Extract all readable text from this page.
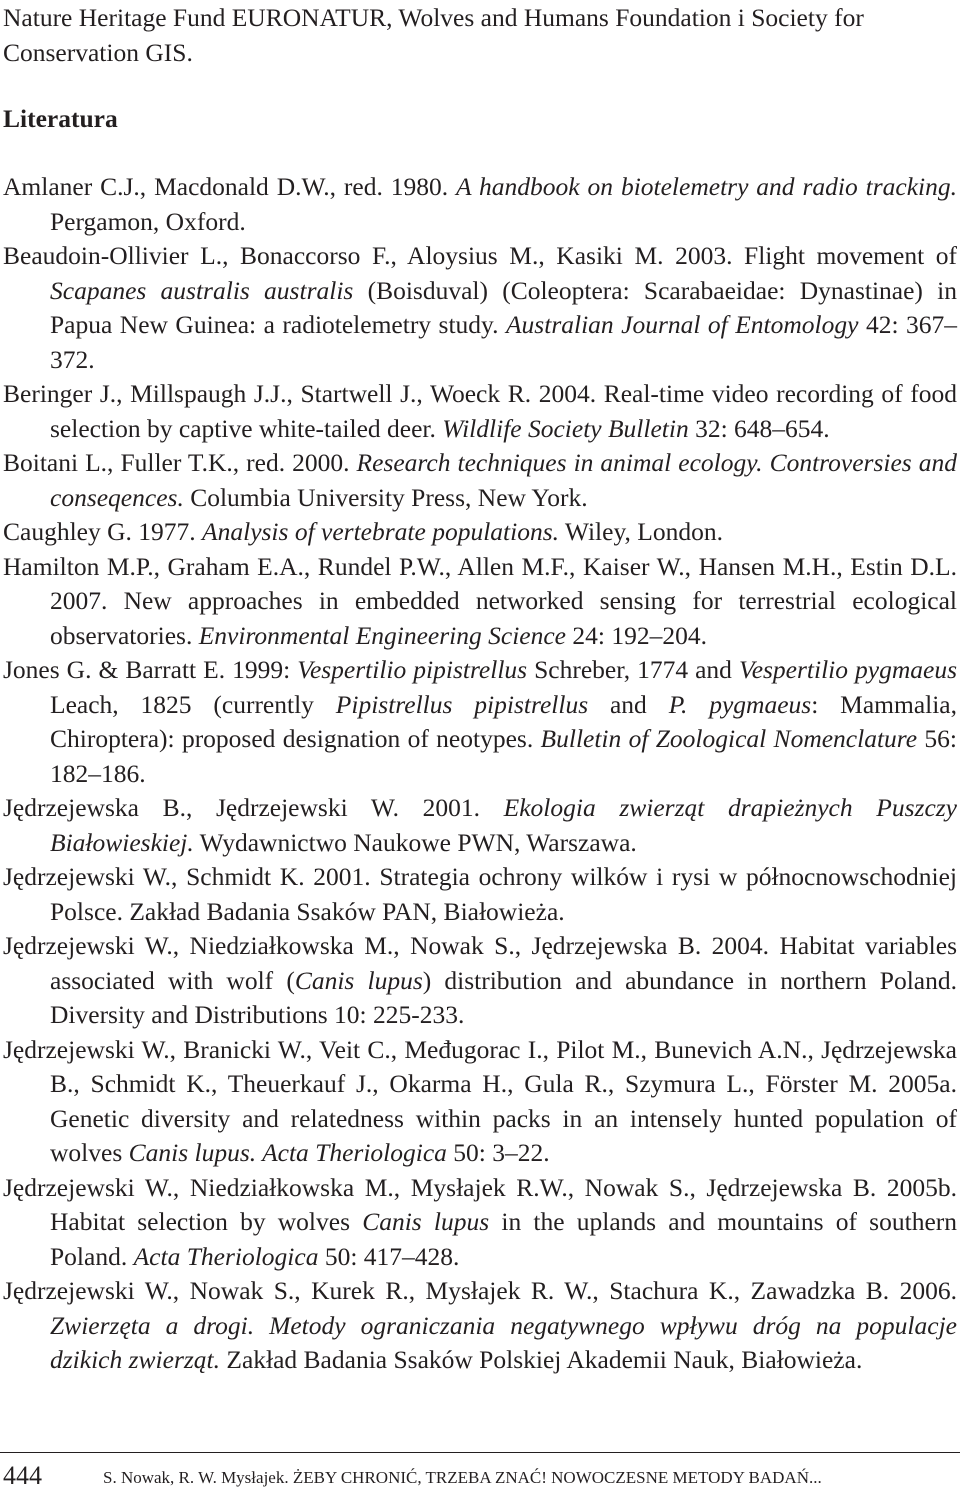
Nature Heritage Fund EURONATUR, Wolves and Humans Foundation i Society for Conservation GIS.

Literatura

Amlaner C.J., Macdonald D.W., red. 1980. A handbook on biotelemetry and radio tracking. Pergamon, Oxford.

Beaudoin-Ollivier L., Bonaccorso F., Aloysius M., Kasiki M. 2003. Flight movement of Scapanes australis australis (Boisduval) (Coleoptera: Scarabaeidae: Dynastinae) in Papua New Guinea: a radiotelemetry study. Australian Journal of Entomology 42: 367–372.

Beringer J., Millspaugh J.J., Startwell J., Woeck R. 2004. Real-time video recording of food selection by captive white-tailed deer. Wildlife Society Bulletin 32: 648–654.

Boitani L., Fuller T.K., red. 2000. Research techniques in animal ecology. Controversies and conseqences. Columbia University Press, New York.

Caughley G. 1977. Analysis of vertebrate populations. Wiley, London.

Hamilton M.P., Graham E.A., Rundel P.W., Allen M.F., Kaiser W., Hansen M.H., Estin D.L. 2007. New approaches in embedded networked sensing for terrestrial ecological observatories. Environmental Engineering Science 24: 192–204.

Jones G. & Barratt E. 1999: Vespertilio pipistrellus Schreber, 1774 and Vespertilio pygmaeus Leach, 1825 (currently Pipistrellus pipistrellus and P. pygmaeus: Mammalia, Chiroptera): proposed designation of neotypes. Bulletin of Zoological Nomenclature 56: 182–186.

Jędrzejewska B., Jędrzejewski W. 2001. Ekologia zwierząt drapieżnych Puszczy Białowieskiej. Wydawnictwo Naukowe PWN, Warszawa.

Jędrzejewski W., Schmidt K. 2001. Strategia ochrony wilków i rysi w północnowschodniej Polsce. Zakład Badania Ssaków PAN, Białowieża.

Jędrzejewski W., Niedziałkowska M., Nowak S., Jędrzejewska B. 2004. Habitat variables associated with wolf (Canis lupus) distribution and abundance in northern Poland. Diversity and Distributions 10: 225-233.

Jędrzejewski W., Branicki W., Veit C., Međugorac I., Pilot M., Bunevich A.N., Jędrzejewska B., Schmidt K., Theuerkauf J., Okarma H., Gula R., Szymura L., Förster M. 2005a. Genetic diversity and relatedness within packs in an intensely hunted population of wolves Canis lupus. Acta Theriologica 50: 3–22.

Jędrzejewski W., Niedziałkowska M., Mysłajek R.W., Nowak S., Jędrzejewska B. 2005b. Habitat selection by wolves Canis lupus in the uplands and mountains of southern Poland. Acta Theriologica 50: 417–428.

Jędrzejewski W., Nowak S., Kurek R., Mysłajek R. W., Stachura K., Zawadzka B. 2006. Zwierzęta a drogi. Metody ograniczania negatywnego wpływu dróg na populacje dzikich zwierząt. Zakład Badania Ssaków Polskiej Akademii Nauk, Białowieża.

444	S. Nowak, R. W. Mysłajek. ŻEBY CHRONIĆ, TRZEBA ZNAĆ! NOWOCZESNE METODY BADAŃ...
